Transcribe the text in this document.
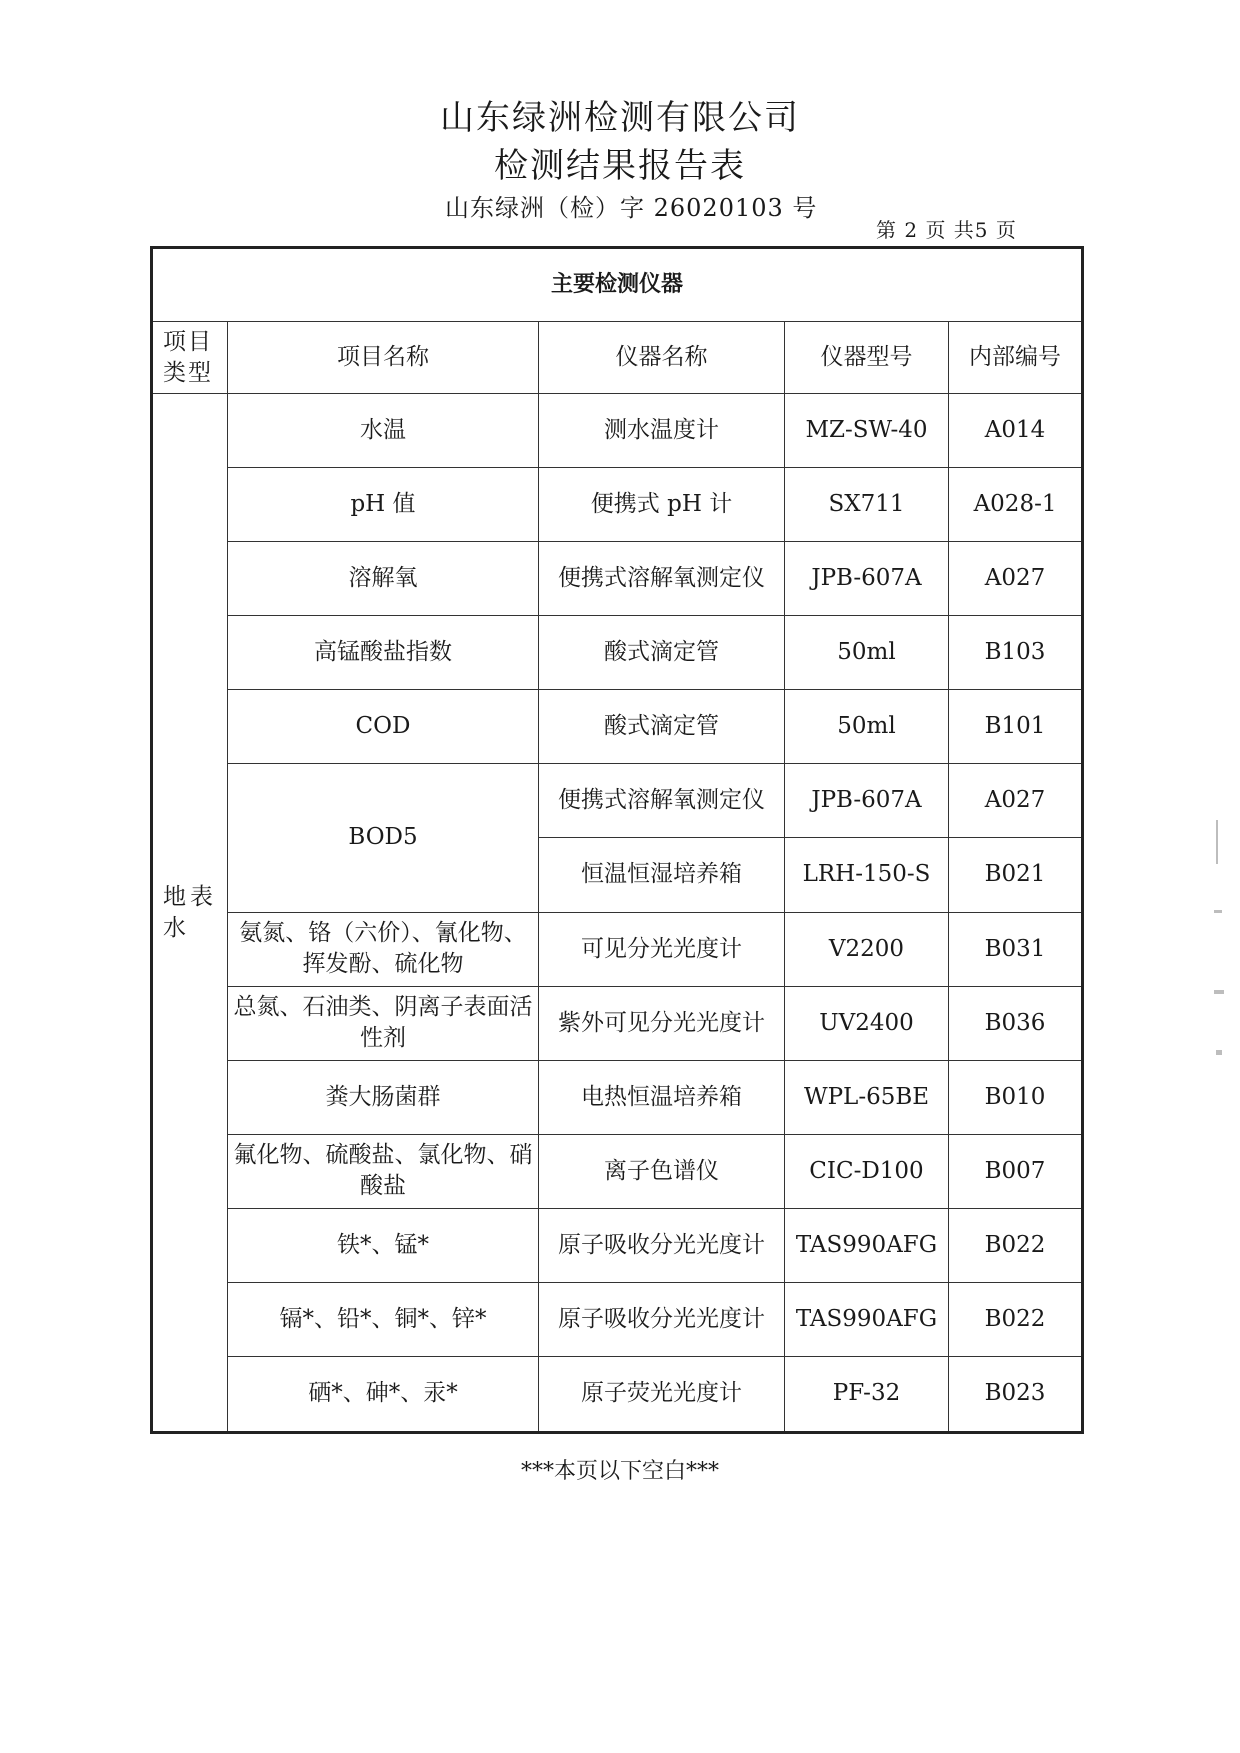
山东绿洲检测有限公司
检测结果报告表
山东绿洲（检）字 26020103 号
第 2 页 共5 页
主要检测仪器				
项目类型	项目名称	仪器名称	仪器型号	内部编号
地表水	水温	测水温度计	MZ-SW-40	A014
	pH 值	便携式 pH 计	SX711	A028-1
	溶解氧	便携式溶解氧测定仪	JPB-607A	A027
	高锰酸盐指数	酸式滴定管	50ml	B103
	COD	酸式滴定管	50ml	B101
	BOD5	便携式溶解氧测定仪	JPB-607A	A027
		恒温恒湿培养箱	LRH-150-S	B021
	氨氮、铬（六价）、氰化物、挥发酚、硫化物	可见分光光度计	V2200	B031
	总氮、石油类、阴离子表面活性剂	紫外可见分光光度计	UV2400	B036
	粪大肠菌群	电热恒温培养箱	WPL-65BE	B010
	氟化物、硫酸盐、氯化物、硝酸盐	离子色谱仪	CIC-D100	B007
	铁*、锰*	原子吸收分光光度计	TAS990AFG	B022
	镉*、铅*、铜*、锌*	原子吸收分光光度计	TAS990AFG	B022
	硒*、砷*、汞*	原子荧光光度计	PF-32	B023
***本页以下空白***
